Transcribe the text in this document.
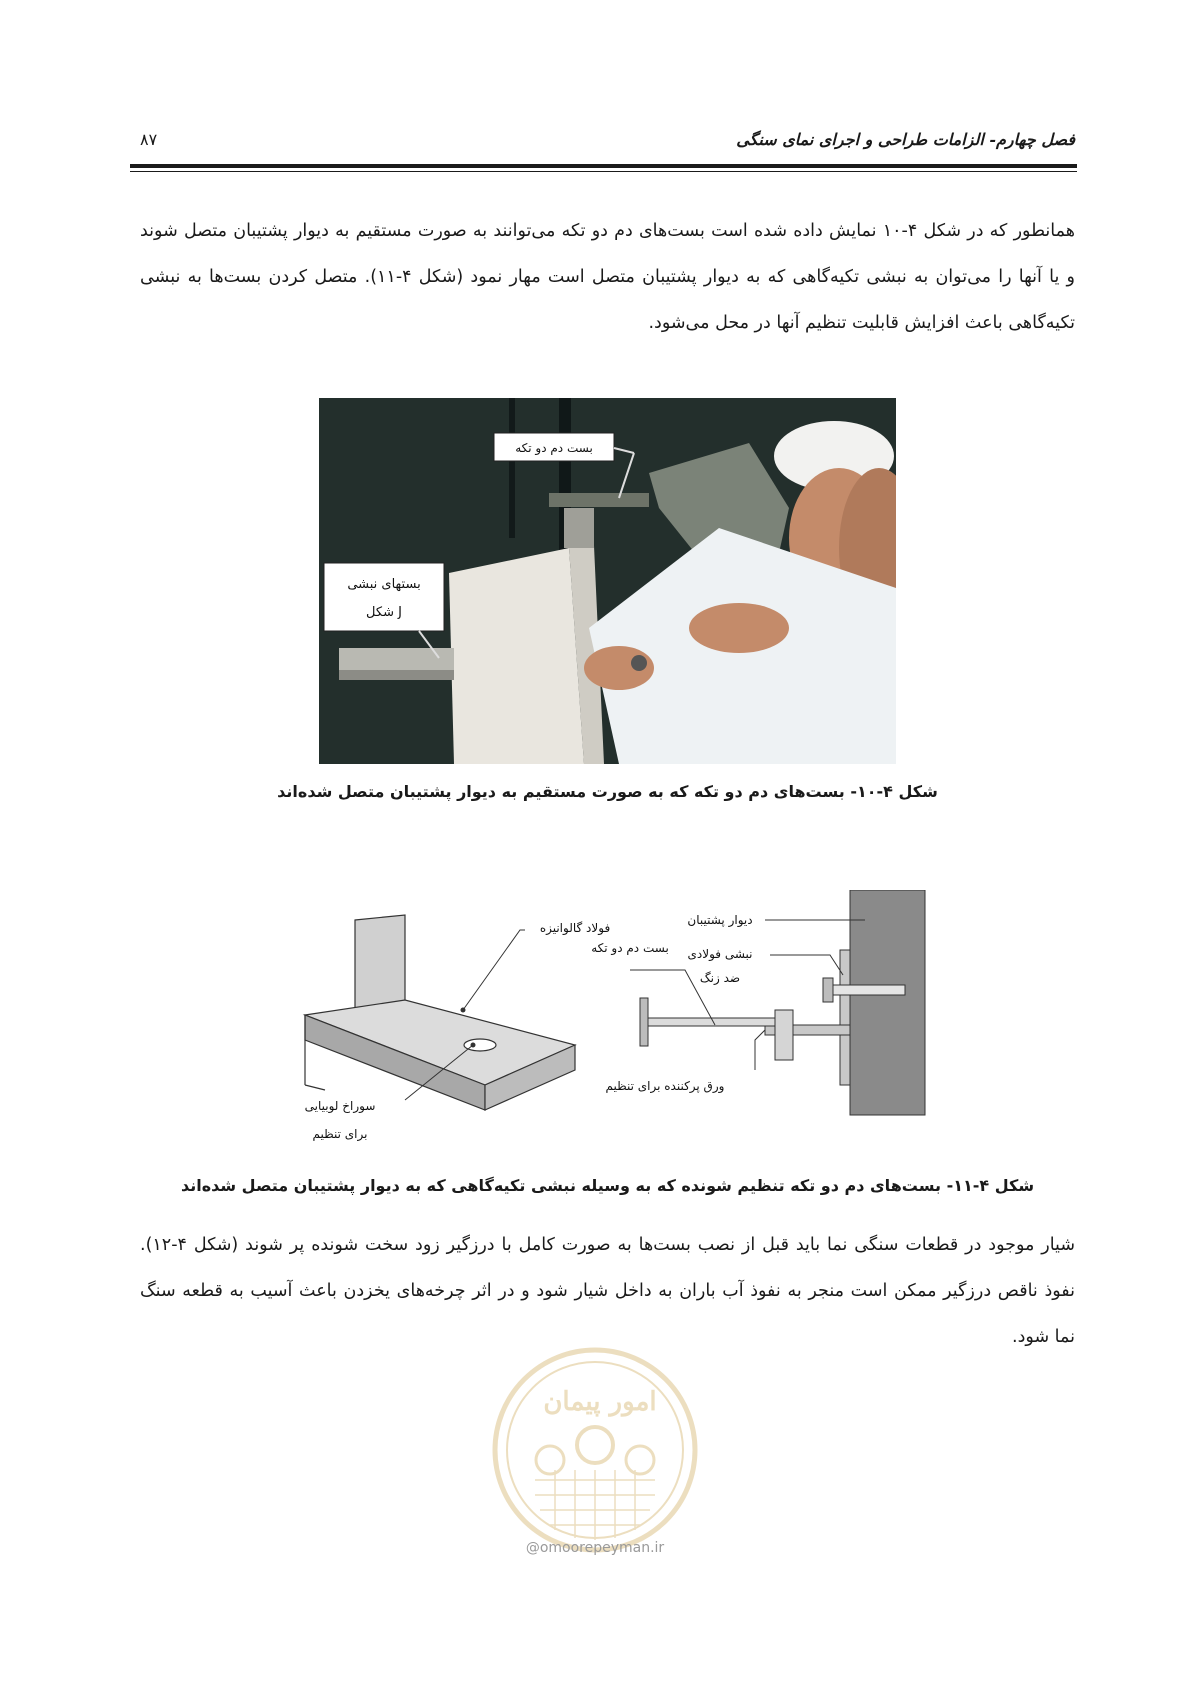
فصل چهارم- الزامات طراحی و اجرای نمای سنگی
۸۷

همانطور که در شکل ۴-۱۰ نمایش داده شده است بست‌های دم دو تکه می‌توانند به صورت مستقیم به دیوار پشتیبان متصل شوند و یا آنها را می‌توان به نبشی تکیه‌گاهی که به دیوار پشتیبان متصل است مهار نمود (شکل ۴-۱۱). متصل کردن بست‌ها به نبشی تکیه‌گاهی باعث افزایش قابلیت تنظیم آنها در محل می‌شود.

بست دم دو تکه
بستهای نبشی
J شکل
شکل ۴-۱۰- بست‌های دم دو تکه که به صورت مستقیم به دیوار پشتیبان متصل شده‌اند
فولاد گالوانیزه
بست دم دو تکه
سوراخ لوبیایی
برای تنظیم
دیوار پشتیبان
نبشی فولادی
ضد زنگ
ورق پرکننده برای تنظیم
شکل ۴-۱۱- بست‌های دم دو تکه تنظیم شونده که به وسیله نبشی تکیه‌گاهی که به دیوار پشتیبان متصل شده‌اند

شیار موجود در قطعات سنگی نما باید قبل از نصب بست‌ها به صورت کامل با درزگیر زود سخت شونده پر شوند (شکل ۴-۱۲). نفوذ ناقص درزگیر ممکن است منجر به نفوذ آب باران به داخل شیار شود و در اثر چرخه‌های یخزدن باعث آسیب به قطعه سنگ نما شود.

امور پیمان
@omoorepeyman.ir
